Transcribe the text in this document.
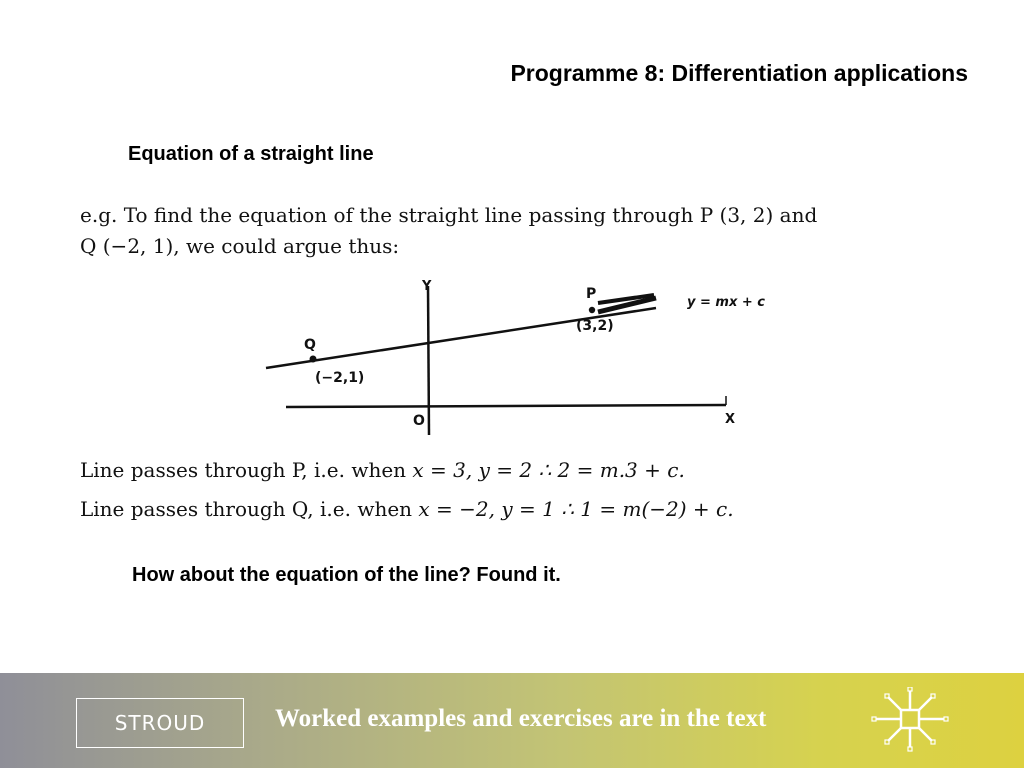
Programme 8: Differentiation applications
Equation of a straight line
e.g. To find the equation of the straight line passing through P (3, 2) and
Q (−2, 1), we could argue thus:
Y
X
O
P
(3,2)
Q
(−2,1)
y = mx + c
Line passes through P, i.e. when x = 3, y = 2 ∴ 2 = m.3 + c.
Line passes through Q, i.e. when x = −2, y = 1 ∴ 1 = m(−2) + c.
How about the equation of the line? Found it.
STROUD	Worked examples and exercises are in the text
